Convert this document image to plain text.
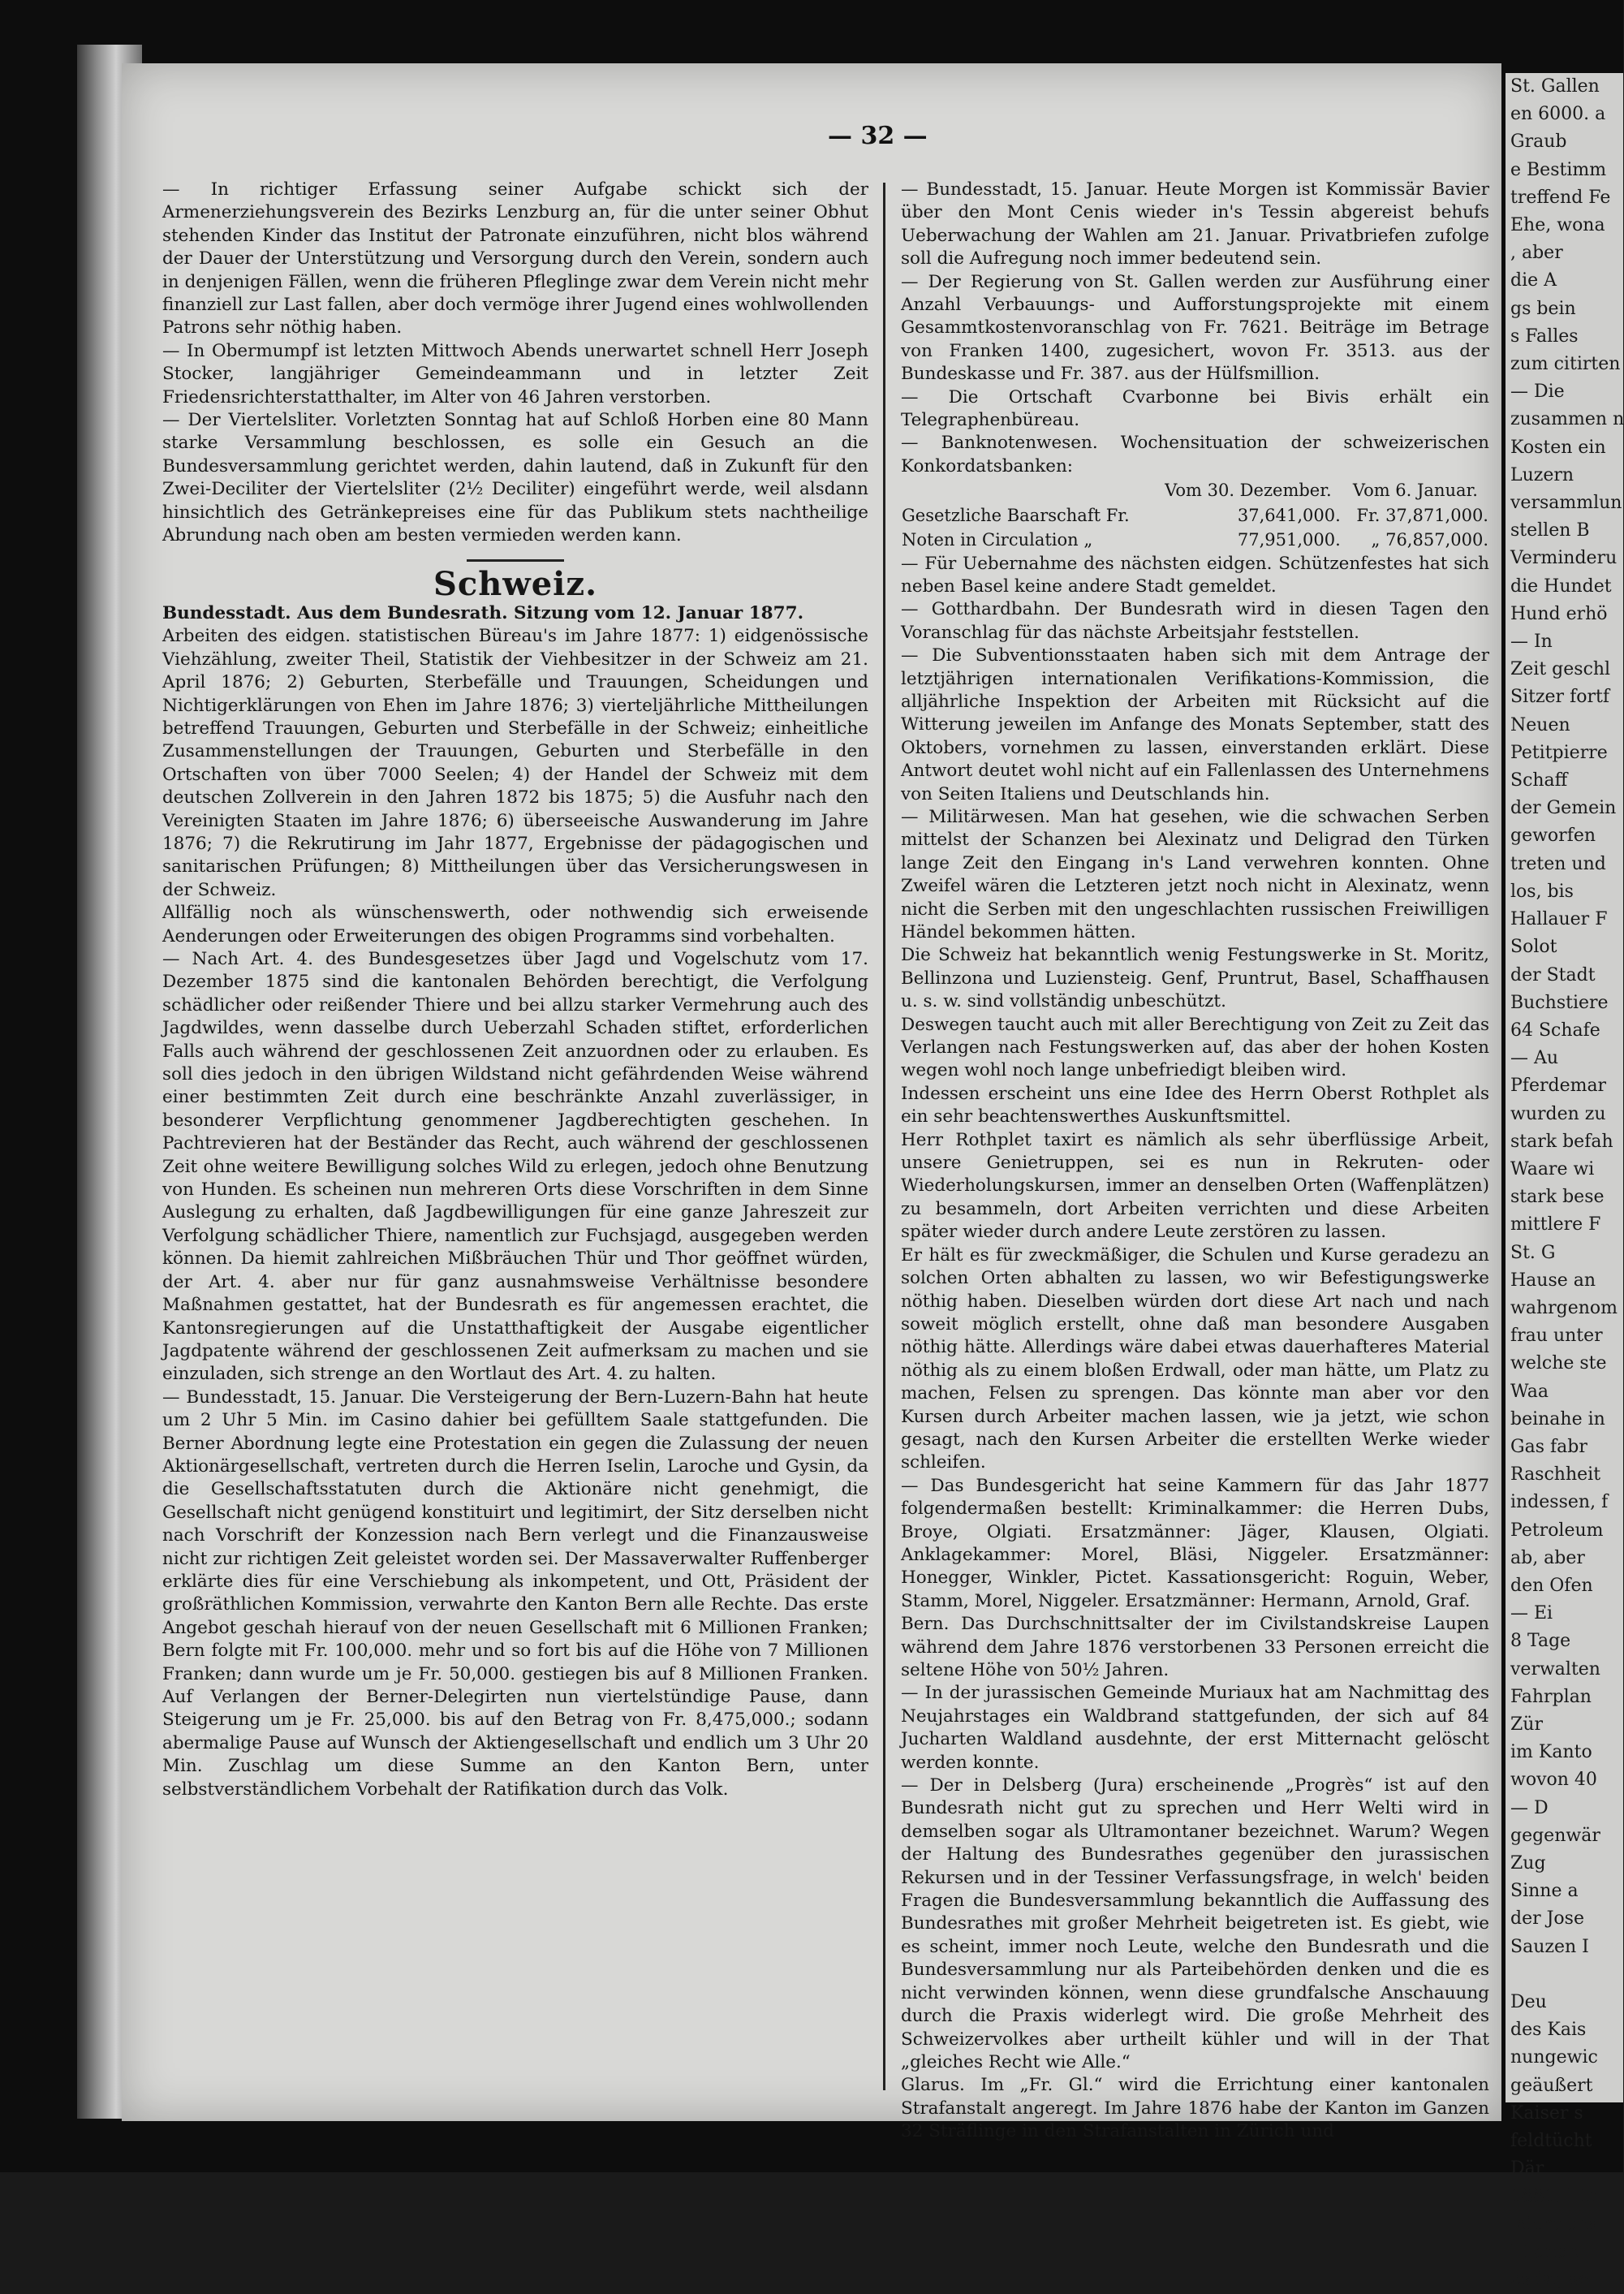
St. Gallen
en 6000. a
Graub
e Bestimm
treffend Fe
Ehe, wona
, aber
die A
gs bein
s Falles
zum citirten
— Die
zusammen n
Kosten ein
Luzern
versammlun
stellen B
Verminderu
die Hundet
Hund erhö
— In
Zeit geschl
Sitzer fortf
Neuen
Petitpierre
Schaff
der Gemein
geworfen
treten und
los, bis
Hallauer F
Solot
der Stadt
Buchstiere
64 Schafe
— Au
Pferdemar
wurden zu
stark befah
Waare wi
stark bese
mittlere F
St. G
Hause an
wahrgenom
frau unter
welche ste
Waa
beinahe in
Gas fabr
Raschheit
indessen, f
Petroleum
ab, aber
den Ofen
— Ei
8 Tage
verwalten
Fahrplan
Zür
im Kanto
wovon 40
— D
gegenwär
Zug
Sinne a
der Jose
Sauzen I

Deu
des Kais
nungewic
geäußert
Kaiser s
feldtücht
Där
1881. Ein
leicht des
Eilande
es ist, so
— 32 —

— In richtiger Erfassung seiner Aufgabe schickt sich der Armenerziehungsverein des Bezirks Lenzburg an, für die unter seiner Obhut stehenden Kinder das Institut der Patronate einzuführen, nicht blos während der Dauer der Unterstützung und Versorgung durch den Verein, sondern auch in denjenigen Fällen, wenn die früheren Pfleglinge zwar dem Verein nicht mehr finanziell zur Last fallen, aber doch vermöge ihrer Jugend eines wohlwollenden Patrons sehr nöthig haben.

— In Obermumpf ist letzten Mittwoch Abends unerwartet schnell Herr Joseph Stocker, langjähriger Gemeindeammann und in letzter Zeit Friedensrichterstatthalter, im Alter von 46 Jahren verstorben.

— Der Viertelsliter. Vorletzten Sonntag hat auf Schloß Horben eine 80 Mann starke Versammlung beschlossen, es solle ein Gesuch an die Bundesversammlung gerichtet werden, dahin lautend, daß in Zukunft für den Zwei-Deciliter der Viertelsliter (2½ Deciliter) eingeführt werde, weil alsdann hinsichtlich des Getränkepreises eine für das Publikum stets nachtheilige Abrundung nach oben am besten vermieden werden kann.

Schweiz.

Bundesstadt. Aus dem Bundesrath. Sitzung vom 12. Januar 1877.

Arbeiten des eidgen. statistischen Büreau's im Jahre 1877: 1) eidgenössische Viehzählung, zweiter Theil, Statistik der Viehbesitzer in der Schweiz am 21. April 1876; 2) Geburten, Sterbefälle und Trauungen, Scheidungen und Nichtigerklärungen von Ehen im Jahre 1876; 3) vierteljährliche Mittheilungen betreffend Trauungen, Geburten und Sterbefälle in der Schweiz; einheitliche Zusammenstellungen der Trauungen, Geburten und Sterbefälle in den Ortschaften von über 7000 Seelen; 4) der Handel der Schweiz mit dem deutschen Zollverein in den Jahren 1872 bis 1875; 5) die Ausfuhr nach den Vereinigten Staaten im Jahre 1876; 6) überseeische Auswanderung im Jahre 1876; 7) die Rekrutirung im Jahr 1877, Ergebnisse der pädagogischen und sanitarischen Prüfungen; 8) Mittheilungen über das Versicherungswesen in der Schweiz.

Allfällig noch als wünschenswerth, oder nothwendig sich erweisende Aenderungen oder Erweiterungen des obigen Programms sind vorbehalten.

— Nach Art. 4. des Bundesgesetzes über Jagd und Vogelschutz vom 17. Dezember 1875 sind die kantonalen Behörden berechtigt, die Verfolgung schädlicher oder reißender Thiere und bei allzu starker Vermehrung auch des Jagdwildes, wenn dasselbe durch Ueberzahl Schaden stiftet, erforderlichen Falls auch während der geschlossenen Zeit anzuordnen oder zu erlauben. Es soll dies jedoch in den übrigen Wildstand nicht gefährdenden Weise während einer bestimmten Zeit durch eine beschränkte Anzahl zuverlässiger, in besonderer Verpflichtung genommener Jagdberechtigten geschehen. In Pachtrevieren hat der Beständer das Recht, auch während der geschlossenen Zeit ohne weitere Bewilligung solches Wild zu erlegen, jedoch ohne Benutzung von Hunden. Es scheinen nun mehreren Orts diese Vorschriften in dem Sinne Auslegung zu erhalten, daß Jagdbewilligungen für eine ganze Jahreszeit zur Verfolgung schädlicher Thiere, namentlich zur Fuchsjagd, ausgegeben werden können. Da hiemit zahlreichen Mißbräuchen Thür und Thor geöffnet würden, der Art. 4. aber nur für ganz ausnahmsweise Verhältnisse besondere Maßnahmen gestattet, hat der Bundesrath es für angemessen erachtet, die Kantonsregierungen auf die Unstatthaftigkeit der Ausgabe eigentlicher Jagdpatente während der geschlossenen Zeit aufmerksam zu machen und sie einzuladen, sich strenge an den Wortlaut des Art. 4. zu halten.

— Bundesstadt, 15. Januar. Die Versteigerung der Bern-Luzern-Bahn hat heute um 2 Uhr 5 Min. im Casino dahier bei gefülltem Saale stattgefunden. Die Berner Abordnung legte eine Protestation ein gegen die Zulassung der neuen Aktionärgesellschaft, vertreten durch die Herren Iselin, Laroche und Gysin, da die Gesellschaftsstatuten durch die Aktionäre nicht genehmigt, die Gesellschaft nicht genügend konstituirt und legitimirt, der Sitz derselben nicht nach Vorschrift der Konzession nach Bern verlegt und die Finanzausweise nicht zur richtigen Zeit geleistet worden sei. Der Massaverwalter Ruffenberger erklärte dies für eine Verschiebung als inkompetent, und Ott, Präsident der großräthlichen Kommission, verwahrte den Kanton Bern alle Rechte. Das erste Angebot geschah hierauf von der neuen Gesellschaft mit 6 Millionen Franken; Bern folgte mit Fr. 100,000. mehr und so fort bis auf die Höhe von 7 Millionen Franken; dann wurde um je Fr. 50,000. gestiegen bis auf 8 Millionen Franken. Auf Verlangen der Berner-Delegirten nun viertelstündige Pause, dann Steigerung um je Fr. 25,000. bis auf den Betrag von Fr. 8,475,000.; sodann abermalige Pause auf Wunsch der Aktiengesellschaft und endlich um 3 Uhr 20 Min. Zuschlag um diese Summe an den Kanton Bern, unter selbstverständlichem Vorbehalt der Ratifikation durch das Volk.

— Bundesstadt, 15. Januar. Heute Morgen ist Kommissär Bavier über den Mont Cenis wieder in's Tessin abgereist behufs Ueberwachung der Wahlen am 21. Januar. Privatbriefen zufolge soll die Aufregung noch immer bedeutend sein.

— Der Regierung von St. Gallen werden zur Ausführung einer Anzahl Verbauungs- und Aufforstungsprojekte mit einem Gesammtkostenvoranschlag von Fr. 7621. Beiträge im Betrage von Franken 1400, zugesichert, wovon Fr. 3513. aus der Bundeskasse und Fr. 387. aus der Hülfsmillion.

— Die Ortschaft Cvarbonne bei Bivis erhält ein Telegraphenbüreau.

— Banknotenwesen. Wochensituation der schweizerischen Konkordatsbanken:

	Vom 30. Dezember.	Vom 6. Januar.
Gesetzliche Baarschaft Fr.	37,641,000.	Fr. 37,871,000.
Noten in Circulation „	77,951,000.	„ 76,857,000.

— Für Uebernahme des nächsten eidgen. Schützenfestes hat sich neben Basel keine andere Stadt gemeldet.

— Gotthardbahn. Der Bundesrath wird in diesen Tagen den Voranschlag für das nächste Arbeitsjahr feststellen.

— Die Subventionsstaaten haben sich mit dem Antrage der letztjährigen internationalen Verifikations-Kommission, die alljährliche Inspektion der Arbeiten mit Rücksicht auf die Witterung jeweilen im Anfange des Monats September, statt des Oktobers, vornehmen zu lassen, einverstanden erklärt. Diese Antwort deutet wohl nicht auf ein Fallenlassen des Unternehmens von Seiten Italiens und Deutschlands hin.

— Militärwesen. Man hat gesehen, wie die schwachen Serben mittelst der Schanzen bei Alexinatz und Deligrad den Türken lange Zeit den Eingang in's Land verwehren konnten. Ohne Zweifel wären die Letzteren jetzt noch nicht in Alexinatz, wenn nicht die Serben mit den ungeschlachten russischen Freiwilligen Händel bekommen hätten.

Die Schweiz hat bekanntlich wenig Festungswerke in St. Moritz, Bellinzona und Luziensteig. Genf, Pruntrut, Basel, Schaffhausen u. s. w. sind vollständig unbeschützt.

Deswegen taucht auch mit aller Berechtigung von Zeit zu Zeit das Verlangen nach Festungswerken auf, das aber der hohen Kosten wegen wohl noch lange unbefriedigt bleiben wird.

Indessen erscheint uns eine Idee des Herrn Oberst Rothplet als ein sehr beachtenswerthes Auskunftsmittel.

Herr Rothplet taxirt es nämlich als sehr überflüssige Arbeit, unsere Genietruppen, sei es nun in Rekruten- oder Wiederholungskursen, immer an denselben Orten (Waffenplätzen) zu besammeln, dort Arbeiten verrichten und diese Arbeiten später wieder durch andere Leute zerstören zu lassen.

Er hält es für zweckmäßiger, die Schulen und Kurse geradezu an solchen Orten abhalten zu lassen, wo wir Befestigungswerke nöthig haben. Dieselben würden dort diese Art nach und nach soweit möglich erstellt, ohne daß man besondere Ausgaben nöthig hätte. Allerdings wäre dabei etwas dauerhafteres Material nöthig als zu einem bloßen Erdwall, oder man hätte, um Platz zu machen, Felsen zu sprengen. Das könnte man aber vor den Kursen durch Arbeiter machen lassen, wie ja jetzt, wie schon gesagt, nach den Kursen Arbeiter die erstellten Werke wieder schleifen.

— Das Bundesgericht hat seine Kammern für das Jahr 1877 folgendermaßen bestellt: Kriminalkammer: die Herren Dubs, Broye, Olgiati. Ersatzmänner: Jäger, Klausen, Olgiati. Anklagekammer: Morel, Bläsi, Niggeler. Ersatzmänner: Honegger, Winkler, Pictet. Kassationsgericht: Roguin, Weber, Stamm, Morel, Niggeler. Ersatzmänner: Hermann, Arnold, Graf.

Bern. Das Durchschnittsalter der im Civilstandskreise Laupen während dem Jahre 1876 verstorbenen 33 Personen erreicht die seltene Höhe von 50½ Jahren.

— In der jurassischen Gemeinde Muriaux hat am Nachmittag des Neujahrstages ein Waldbrand stattgefunden, der sich auf 84 Jucharten Waldland ausdehnte, der erst Mitternacht gelöscht werden konnte.

— Der in Delsberg (Jura) erscheinende „Progrès“ ist auf den Bundesrath nicht gut zu sprechen und Herr Welti wird in demselben sogar als Ultramontaner bezeichnet. Warum? Wegen der Haltung des Bundesrathes gegenüber den jurassischen Rekursen und in der Tessiner Verfassungsfrage, in welch' beiden Fragen die Bundesversammlung bekanntlich die Auffassung des Bundesrathes mit großer Mehrheit beigetreten ist. Es giebt, wie es scheint, immer noch Leute, welche den Bundesrath und die Bundesversammlung nur als Parteibehörden denken und die es nicht verwinden können, wenn diese grundfalsche Anschauung durch die Praxis widerlegt wird. Die große Mehrheit des Schweizervolkes aber urtheilt kühler und will in der That „gleiches Recht wie Alle.“

Glarus. Im „Fr. Gl.“ wird die Errichtung einer kantonalen Strafanstalt angeregt. Im Jahre 1876 habe der Kanton im Ganzen 32 Sträflinge in den Strafanstalten in Zürich und
